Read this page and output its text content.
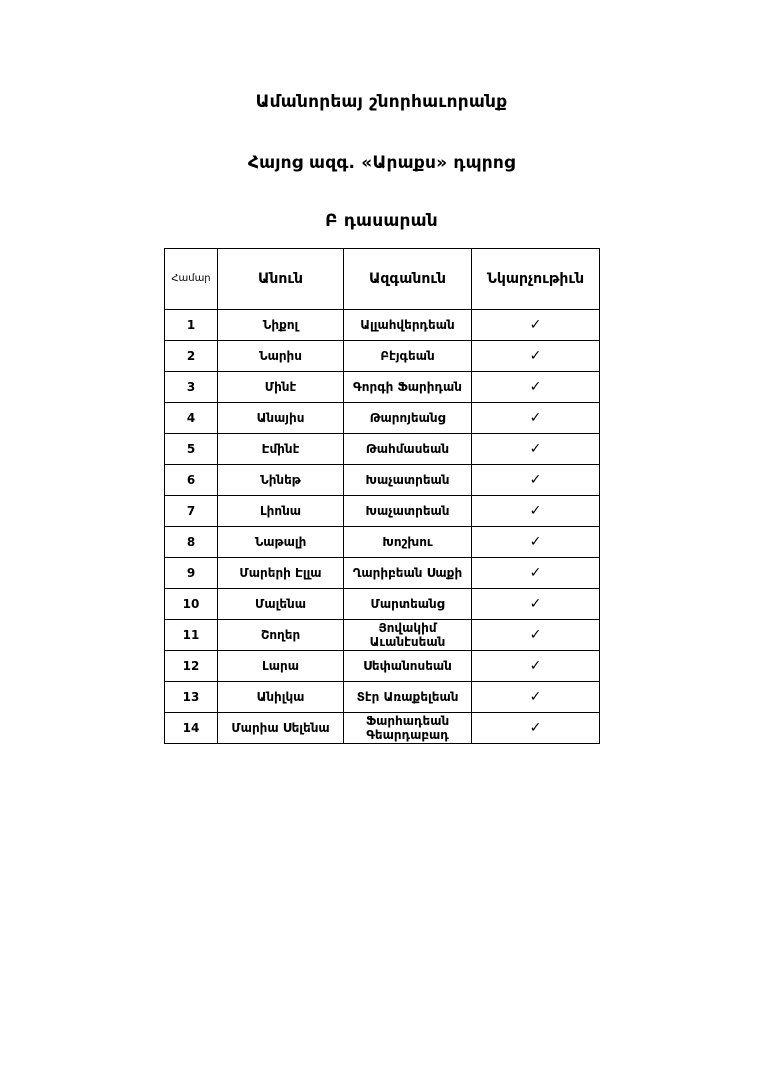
Ամանորեայ շնորհաւորանք
Հայոց ազգ. «Արաքս» դպրոց
Բ դասարան
Համար	Անուն	Ազգանուն	Նկարչութիւն
1	Նիքոլ	Ալլահվերդեան	✓
2	Նարիս	Բէյգեան	✓
3	Մինէ	Գորգի Ֆարիդան	✓
4	Անայիս	Թարոյեանց	✓
5	Էմինէ	Թահմասեան	✓
6	Նինեթ	Խաչատրեան	✓
7	Լիոնա	Խաչատրեան	✓
8	Նաթալի	Խոշխու	✓
9	Մարերի Էլլա	Ղարիբեան Սաքի	✓
10	Մալենա	Մարտեանց	✓
11	Շողեր	Յովակիմ Աւանէսեան	✓
12	Լարա	Սեփանոսեան	✓
13	Անիլկա	Տէր Առաքելեան	✓
14	Մարիա Սելենա	Ֆարհադեան Գեարդաբադ	✓
